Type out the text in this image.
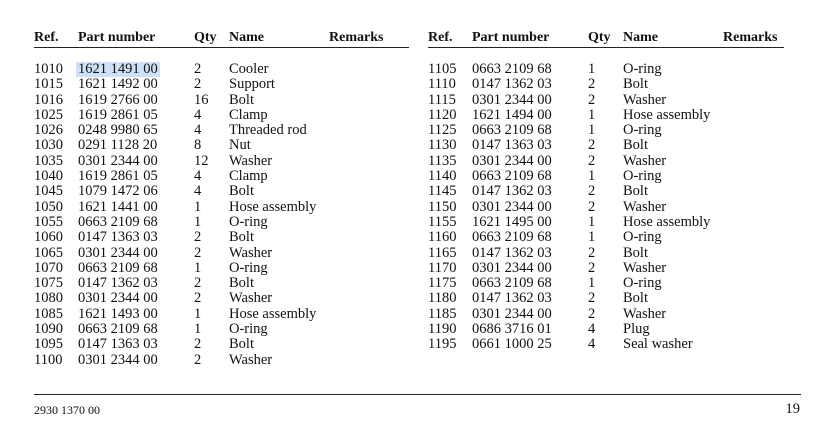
Ref. Part number	Qty Name	Remarks
1010 1621 1491 00	2 Cooler
1015 1621 1492 00	2 Support
1016 1619 2766 00	16 Bolt
1025 1619 2861 05	4 Clamp
1026 0248 9980 65	4 Threaded rod
1030 0291 1128 20	8 Nut
1035 0301 2344 00	12 Washer
1040 1619 2861 05	4 Clamp
1045 1079 1472 06	4 Bolt
1050 1621 1441 00	1 Hose assembly
1055 0663 2109 68	1 O-ring
1060 0147 1363 03	2 Bolt
1065 0301 2344 00	2 Washer
1070 0663 2109 68	1 O-ring
1075 0147 1362 03	2 Bolt
1080 0301 2344 00	2 Washer
1085 1621 1493 00	1 Hose assembly
1090 0663 2109 68	1 O-ring
1095 0147 1363 03	2 Bolt
1100 0301 2344 00	2 Washer
Ref. Part number	Qty Name	Remarks
1105 0663 2109 68	1 O-ring
1110 0147 1362 03	2 Bolt
1115 0301 2344 00	2 Washer
1120 1621 1494 00	1 Hose assembly
1125 0663 2109 68	1 O-ring
1130 0147 1363 03	2 Bolt
1135 0301 2344 00	2 Washer
1140 0663 2109 68	1 O-ring
1145 0147 1362 03	2 Bolt
1150 0301 2344 00	2 Washer
1155 1621 1495 00	1 Hose assembly
1160 0663 2109 68	1 O-ring
1165 0147 1362 03	2 Bolt
1170 0301 2344 00	2 Washer
1175 0663 2109 68	1 O-ring
1180 0147 1362 03	2 Bolt
1185 0301 2344 00	2 Washer
1190 0686 3716 01	4 Plug
1195 0661 1000 25	4 Seal washer
2930 1370 00	19
